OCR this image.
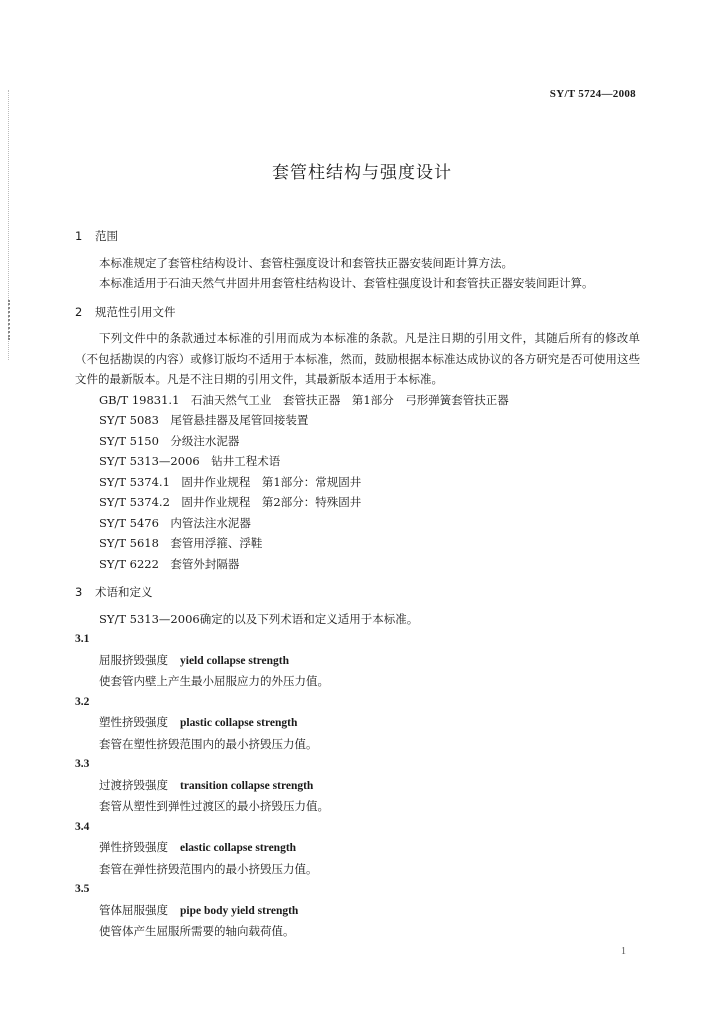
SY/T 5724—2008
套管柱结构与强度设计
1 范围

本标准规定了套管柱结构设计、套管柱强度设计和套管扶正器安装间距计算方法。

本标准适用于石油天然气井固井用套管柱结构设计、套管柱强度设计和套管扶正器安装间距计算。

2 规范性引用文件

下列文件中的条款通过本标准的引用而成为本标准的条款。凡是注日期的引用文件，其随后所有的修改单（不包括勘误的内容）或修订版均不适用于本标准，然而，鼓励根据本标准达成协议的各方研究是否可使用这些文件的最新版本。凡是不注日期的引用文件，其最新版本适用于本标准。

GB/T 19831.1　石油天然气工业　套管扶正器　第1部分　弓形弹簧套管扶正器

SY/T 5083　尾管悬挂器及尾管回接装置

SY/T 5150　分级注水泥器

SY/T 5313—2006　钻井工程术语

SY/T 5374.1　固井作业规程　第1部分：常规固井

SY/T 5374.2　固井作业规程　第2部分：特殊固井

SY/T 5476　内管法注水泥器

SY/T 5618　套管用浮箍、浮鞋

SY/T 6222　套管外封隔器

3 术语和定义

SY/T 5313—2006确定的以及下列术语和定义适用于本标准。

3.1

屈服挤毁强度 yield collapse strength

使套管内壁上产生最小屈服应力的外压力值。

3.2

塑性挤毁强度 plastic collapse strength

套管在塑性挤毁范围内的最小挤毁压力值。

3.3

过渡挤毁强度 transition collapse strength

套管从塑性到弹性过渡区的最小挤毁压力值。

3.4

弹性挤毁强度 elastic collapse strength

套管在弹性挤毁范围内的最小挤毁压力值。

3.5

管体屈服强度 pipe body yield strength

使管体产生屈服所需要的轴向载荷值。

1
